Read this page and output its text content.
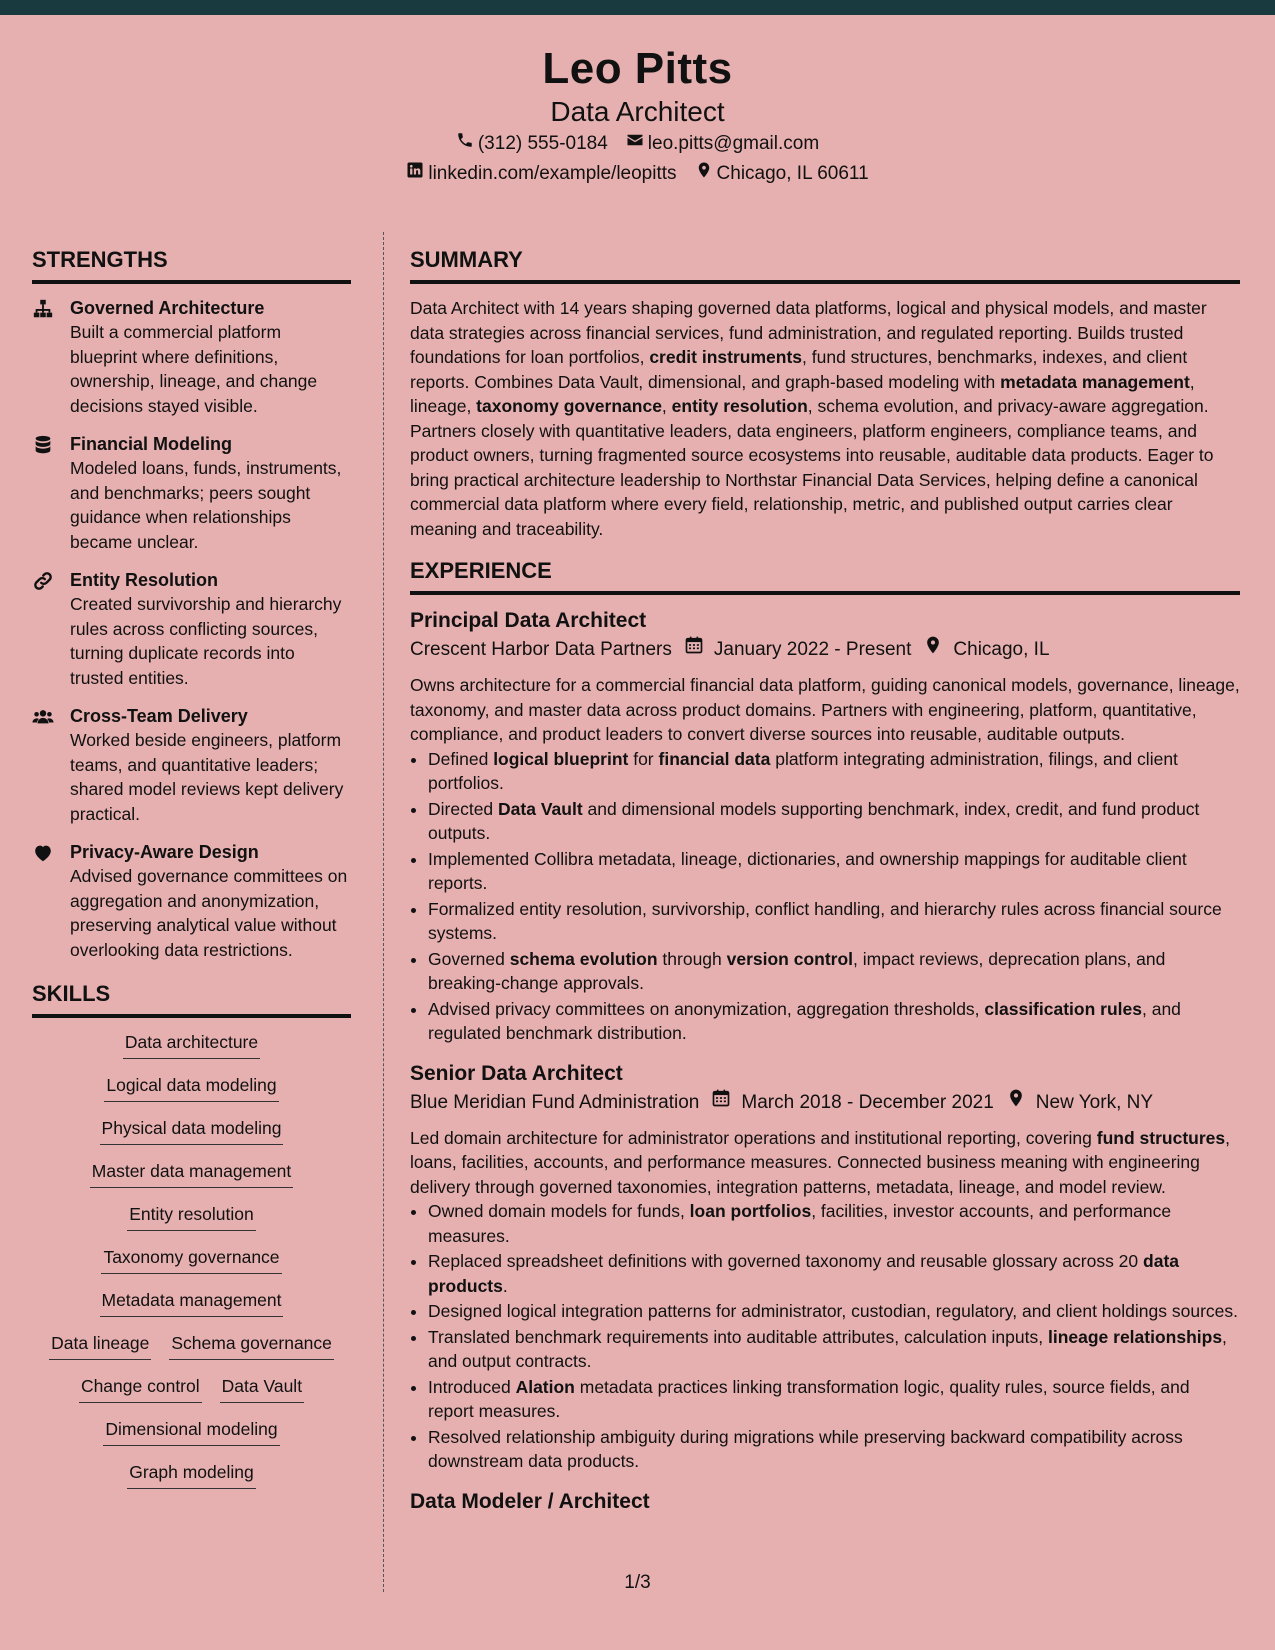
Leo Pitts
Data Architect
(312) 555-0184 leo.pitts@gmail.com
linkedin.com/example/leopitts Chicago, IL 60611
STRENGTHS
Governed Architecture
Built a commercial platform blueprint where definitions, ownership, lineage, and change decisions stayed visible.
Financial Modeling
Modeled loans, funds, instruments, and benchmarks; peers sought guidance when relationships became unclear.
Entity Resolution
Created survivorship and hierarchy rules across conflicting sources, turning duplicate records into trusted entities.
Cross-Team Delivery
Worked beside engineers, platform teams, and quantitative leaders; shared model reviews kept delivery practical.
Privacy-Aware Design
Advised governance committees on aggregation and anonymization, preserving analytical value without overlooking data restrictions.
SKILLS
Data architecture
Logical data modeling
Physical data modeling
Master data management
Entity resolution
Taxonomy governance
Metadata management
Data lineage Schema governance
Change control Data Vault
Dimensional modeling
Graph modeling
SUMMARY
Data Architect with 14 years shaping governed data platforms, logical and physical models, and master data strategies across financial services, fund administration, and regulated reporting. Builds trusted foundations for loan portfolios, credit instruments, fund structures, benchmarks, indexes, and client reports. Combines Data Vault, dimensional, and graph-based modeling with metadata management, lineage, taxonomy governance, entity resolution, schema evolution, and privacy-aware aggregation. Partners closely with quantitative leaders, data engineers, platform engineers, compliance teams, and product owners, turning fragmented source ecosystems into reusable, auditable data products. Eager to bring practical architecture leadership to Northstar Financial Data Services, helping define a canonical commercial data platform where every field, relationship, metric, and published output carries clear meaning and traceability.
EXPERIENCE
Principal Data Architect
Crescent Harbor Data Partners January 2022 - Present Chicago, IL
Owns architecture for a commercial financial data platform, guiding canonical models, governance, lineage, taxonomy, and master data across product domains. Partners with engineering, platform, quantitative, compliance, and product leaders to convert diverse sources into reusable, auditable outputs.
• Defined logical blueprint for financial data platform integrating administration, filings, and client portfolios.
• Directed Data Vault and dimensional models supporting benchmark, index, credit, and fund product outputs.
• Implemented Collibra metadata, lineage, dictionaries, and ownership mappings for auditable client reports.
• Formalized entity resolution, survivorship, conflict handling, and hierarchy rules across financial source systems.
• Governed schema evolution through version control, impact reviews, deprecation plans, and breaking-change approvals.
• Advised privacy committees on anonymization, aggregation thresholds, classification rules, and regulated benchmark distribution.
Senior Data Architect
Blue Meridian Fund Administration March 2018 - December 2021 New York, NY
Led domain architecture for administrator operations and institutional reporting, covering fund structures, loans, facilities, accounts, and performance measures. Connected business meaning with engineering delivery through governed taxonomies, integration patterns, metadata, lineage, and model review.
• Owned domain models for funds, loan portfolios, facilities, investor accounts, and performance measures.
• Replaced spreadsheet definitions with governed taxonomy and reusable glossary across 20 data products.
• Designed logical integration patterns for administrator, custodian, regulatory, and client holdings sources.
• Translated benchmark requirements into auditable attributes, calculation inputs, lineage relationships, and output contracts.
• Introduced Alation metadata practices linking transformation logic, quality rules, source fields, and report measures.
• Resolved relationship ambiguity during migrations while preserving backward compatibility across downstream data products.
Data Modeler / Architect
1/3
